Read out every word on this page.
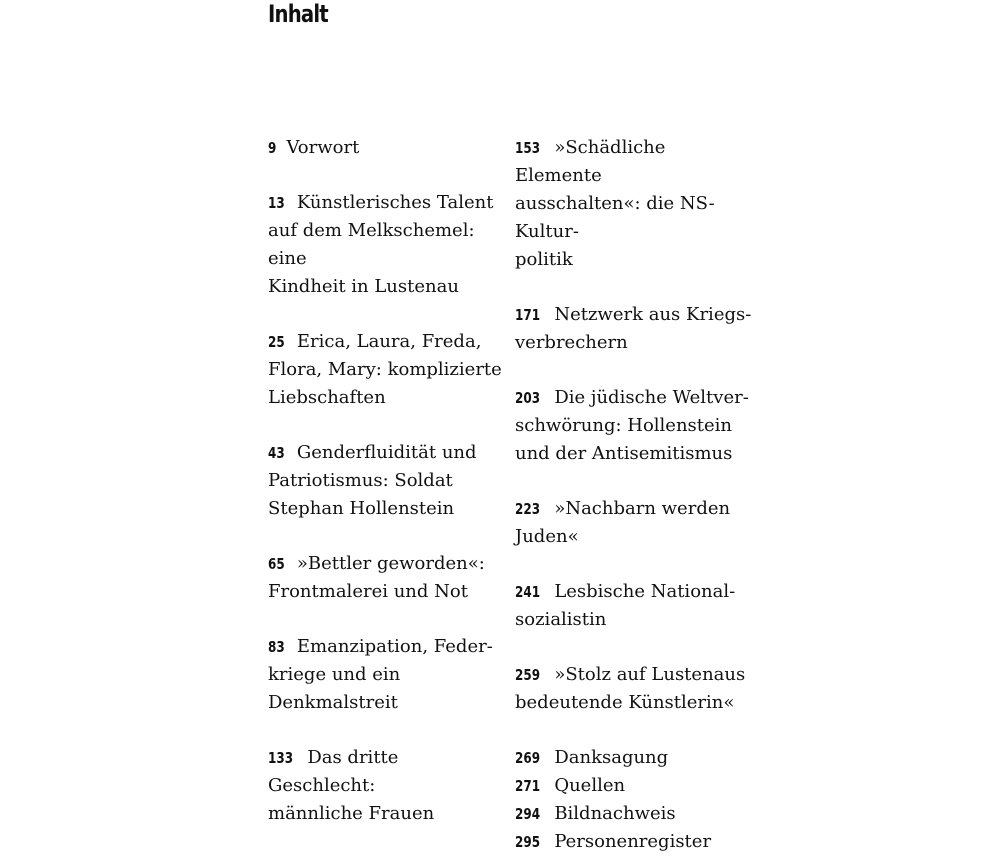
Inhalt
9 Vorwort
13 Künstlerisches Talent
auf dem Melkschemel: eine
Kindheit in Lustenau
25 Erica, Laura, Freda,
Flora, Mary: komplizierte
Liebschaften
43 Genderfluidität und
Patriotismus: Soldat
Stephan Hollenstein
65 »Bettler geworden«:
Frontmalerei und Not
83 Emanzipation, Feder-
kriege und ein Denkmalstreit
133 Das dritte Geschlecht:
männliche Frauen
153 »Schädliche Elemente
ausschalten«: die NS-Kultur-
politik
171 Netzwerk aus Kriegs-
verbrechern
203 Die jüdische Weltver-
schwörung: Hollenstein
und der Antisemitismus
223 »Nachbarn werden
Juden«
241 Lesbische National-
sozialistin
259 »Stolz auf Lustenaus
bedeutende Künstlerin«
269 Danksagung
271 Quellen
294 Bildnachweis
295 Personenregister
